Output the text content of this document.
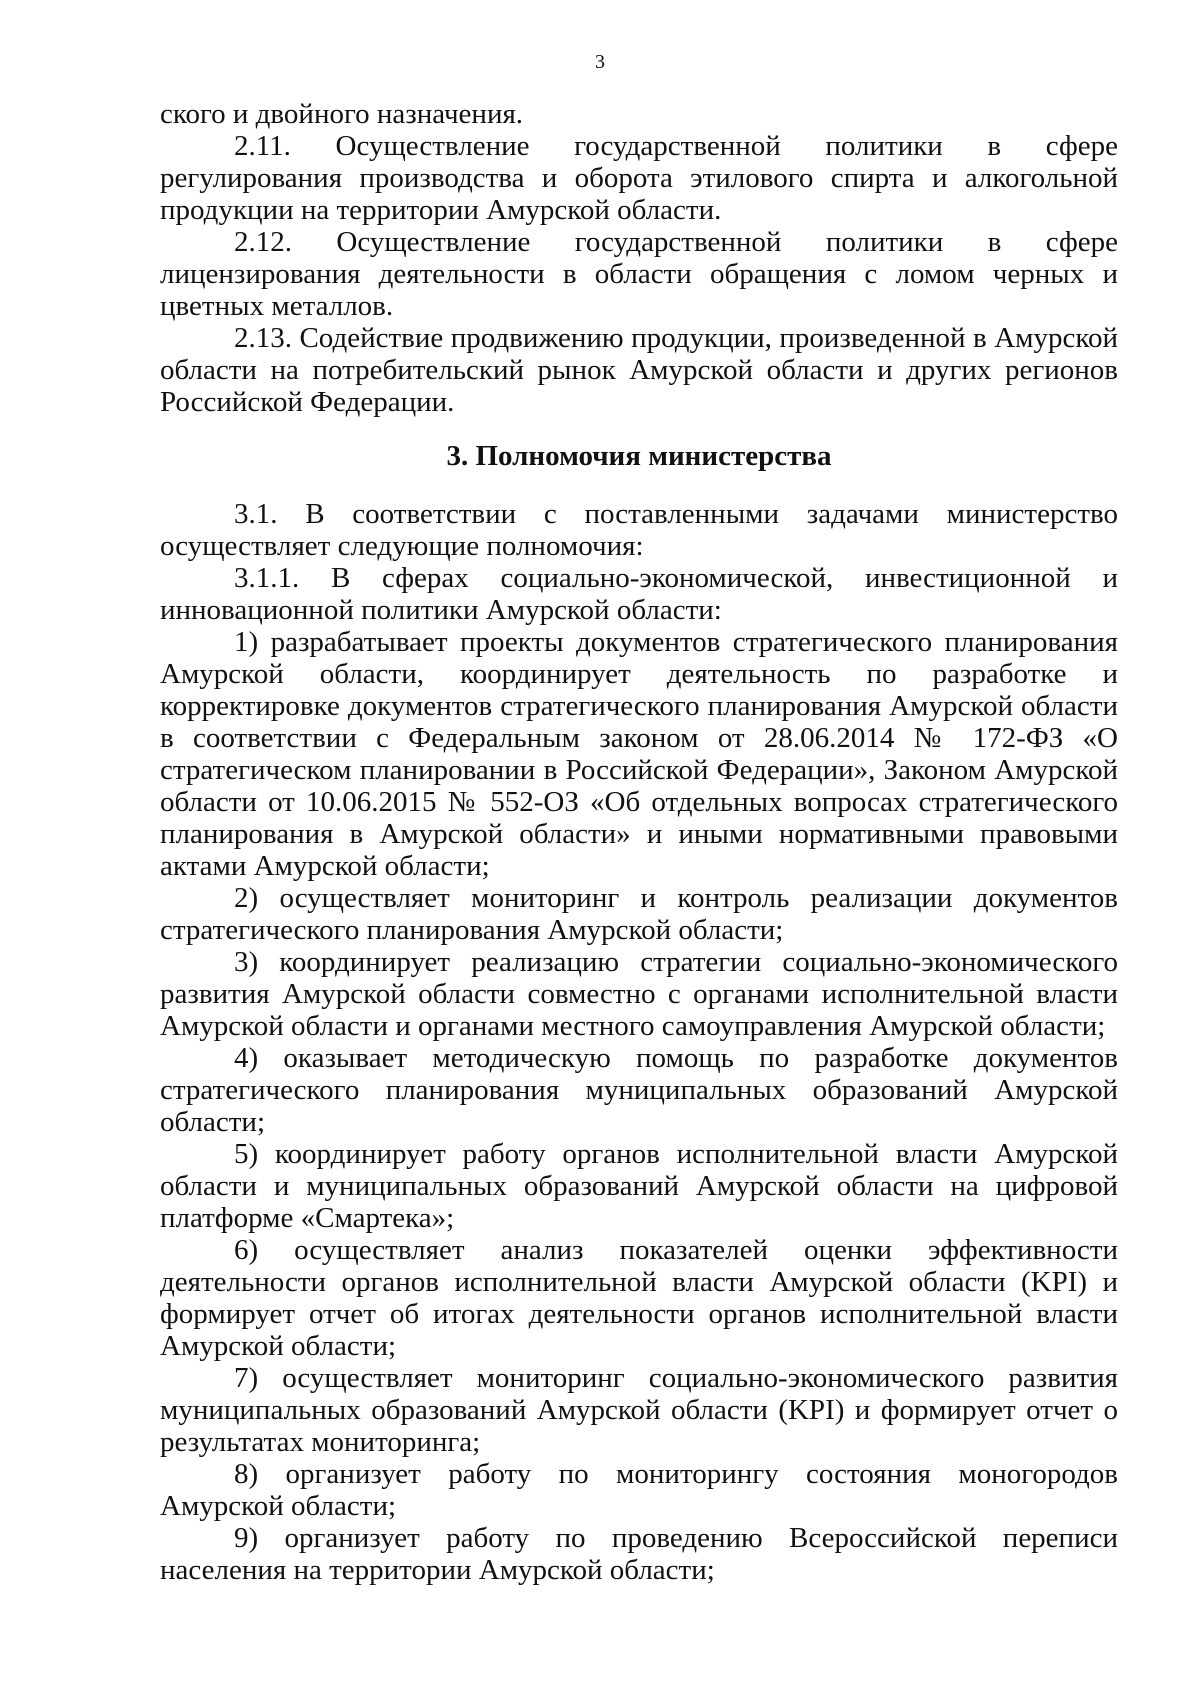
3

ского и двойного назначения.

2.11. Осуществление государственной политики в сфере регулирования производства и оборота этилового спирта и алкогольной продукции на территории Амурской области.

2.12. Осуществление государственной политики в сфере лицензирования деятельности в области обращения с ломом черных и цветных металлов.

2.13. Содействие продвижению продукции, произведенной в Амурской области на потребительский рынок Амурской области и других регионов Российской Федерации.

3. Полномочия министерства

3.1. В соответствии с поставленными задачами министерство осуществляет следующие полномочия:

3.1.1. В сферах социально-экономической, инвестиционной и инновационной политики Амурской области:

1) разрабатывает проекты документов стратегического планирования Амурской области, координирует деятельность по разработке и корректировке документов стратегического планирования Амурской области в соответствии с Федеральным законом от 28.06.2014 № 172-ФЗ «О стратегическом планировании в Российской Федерации», Законом Амурской области от 10.06.2015 № 552-ОЗ «Об отдельных вопросах стратегического планирования в Амурской области» и иными нормативными правовыми актами Амурской области;

2) осуществляет мониторинг и контроль реализации документов стратегического планирования Амурской области;

3) координирует реализацию стратегии социально-экономического развития Амурской области совместно с органами исполнительной власти Амурской области и органами местного самоуправления Амурской области;

4) оказывает методическую помощь по разработке документов стратегического планирования муниципальных образований Амурской области;

5) координирует работу органов исполнительной власти Амурской области и муниципальных образований Амурской области на цифровой платформе «Смартека»;

6) осуществляет анализ показателей оценки эффективности деятельности органов исполнительной власти Амурской области (KPI) и формирует отчет об итогах деятельности органов исполнительной власти Амурской области;

7) осуществляет мониторинг социально-экономического развития муниципальных образований Амурской области (KPI) и формирует отчет о результатах мониторинга;

8) организует работу по мониторингу состояния моногородов Амурской области;

9) организует работу по проведению Всероссийской переписи населения на территории Амурской области;
